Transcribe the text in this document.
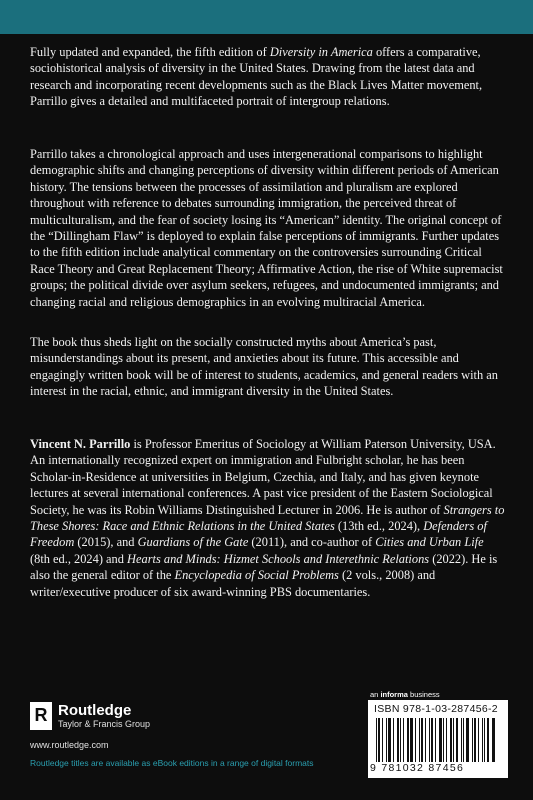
Fully updated and expanded, the fifth edition of Diversity in America offers a comparative, sociohistorical analysis of diversity in the United States. Drawing from the latest data and research and incorporating recent developments such as the Black Lives Matter movement, Parrillo gives a detailed and multifaceted portrait of intergroup relations.

Parrillo takes a chronological approach and uses intergenerational comparisons to highlight demographic shifts and changing perceptions of diversity within different periods of American history. The tensions between the processes of assimilation and pluralism are explored throughout with reference to debates surrounding immigration, the perceived threat of multiculturalism, and the fear of society losing its “American” identity. The original concept of the “Dillingham Flaw” is deployed to explain false perceptions of immigrants. Further updates to the fifth edition include analytical commentary on the controversies surrounding Critical Race Theory and Great Replacement Theory; Affirmative Action, the rise of White supremacist groups; the political divide over asylum seekers, refugees, and undocumented immigrants; and changing racial and religious demographics in an evolving multiracial America.

The book thus sheds light on the socially constructed myths about America’s past, misunderstandings about its present, and anxieties about its future. This accessible and engagingly written book will be of interest to students, academics, and general readers with an interest in the racial, ethnic, and immigrant diversity in the United States.

Vincent N. Parrillo is Professor Emeritus of Sociology at William Paterson University, USA. An internationally recognized expert on immigration and Fulbright scholar, he has been Scholar-in-Residence at universities in Belgium, Czechia, and Italy, and has given keynote lectures at several international conferences. A past vice president of the Eastern Sociological Society, he was its Robin Williams Distinguished Lecturer in 2006. He is author of Strangers to These Shores: Race and Ethnic Relations in the United States (13th ed., 2024), Defenders of Freedom (2015), and Guardians of the Gate (2011), and co-author of Cities and Urban Life (8th ed., 2024) and Hearts and Minds: Hizmet Schools and Interethnic Relations (2022). He is also the general editor of the Encyclopedia of Social Problems (2 vols., 2008) and writer/executive producer of six award-winning PBS documentaries.

R Routledge
Taylor & Francis Group
www.routledge.com
Routledge titles are available as eBook editions in a range of digital formats
an informa business
ISBN 978-1-03-287456-2
9 781032 87456
